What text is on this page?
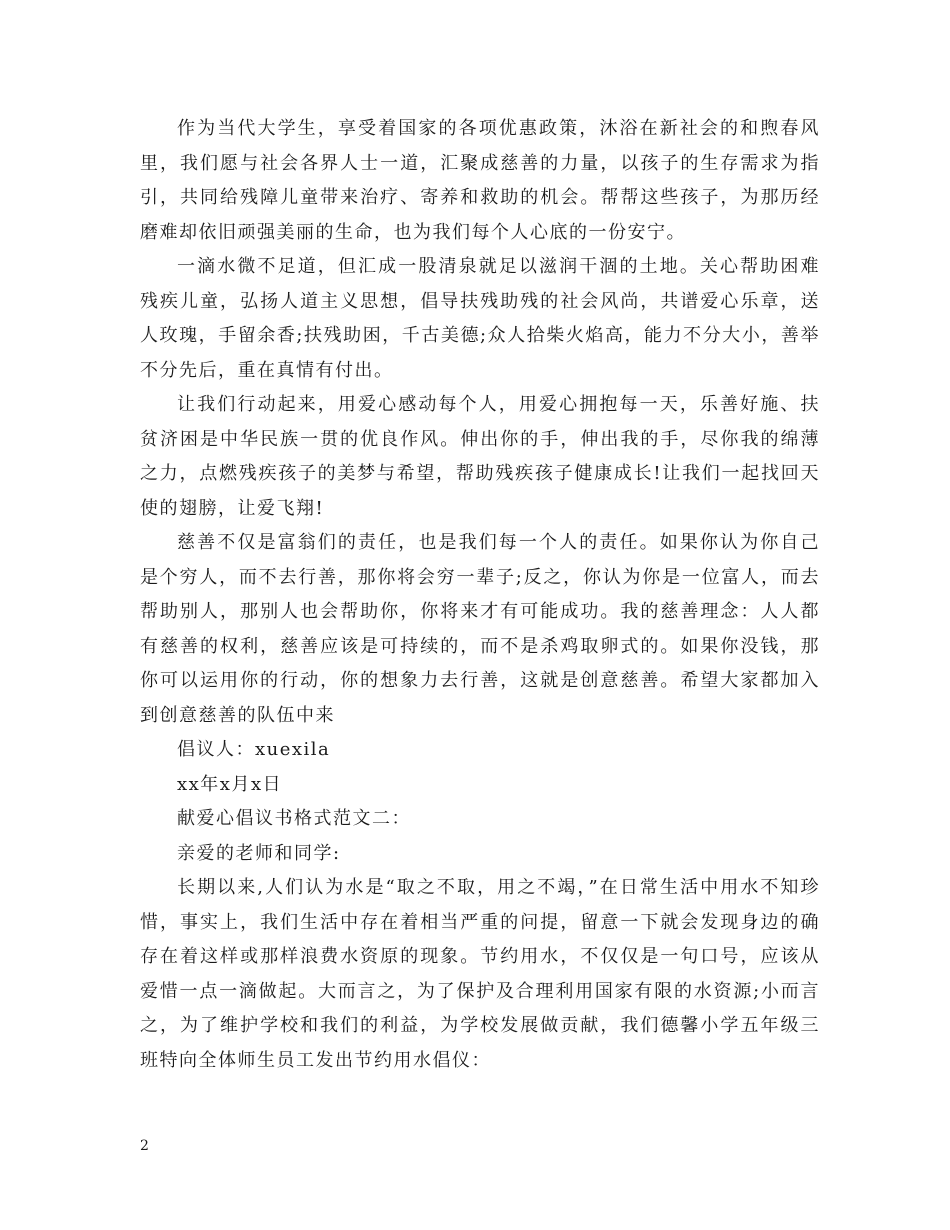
作为当代大学生，享受着国家的各项优惠政策，沐浴在新社会的和煦春风里，我们愿与社会各界人士一道，汇聚成慈善的力量，以孩子的生存需求为指引，共同给残障儿童带来治疗、寄养和救助的机会。帮帮这些孩子，为那历经磨难却依旧顽强美丽的生命，也为我们每个人心底的一份安宁。

一滴水微不足道，但汇成一股清泉就足以滋润干涸的土地。关心帮助困难残疾儿童，弘扬人道主义思想，倡导扶残助残的社会风尚，共谱爱心乐章，送人玫瑰，手留余香;扶残助困，千古美德;众人拾柴火焰高，能力不分大小，善举不分先后，重在真情有付出。

让我们行动起来，用爱心感动每个人，用爱心拥抱每一天，乐善好施、扶贫济困是中华民族一贯的优良作风。伸出你的手，伸出我的手，尽你我的绵薄之力，点燃残疾孩子的美梦与希望，帮助残疾孩子健康成长!让我们一起找回天使的翅膀，让爱飞翔!

慈善不仅是富翁们的责任，也是我们每一个人的责任。如果你认为你自己是个穷人，而不去行善，那你将会穷一辈子;反之，你认为你是一位富人，而去帮助别人，那别人也会帮助你，你将来才有可能成功。我的慈善理念：人人都有慈善的权利，慈善应该是可持续的，而不是杀鸡取卵式的。如果你没钱，那你可以运用你的行动，你的想象力去行善，这就是创意慈善。希望大家都加入到创意慈善的队伍中来

倡议人：xuexila

xx年x月x日

献爱心倡议书格式范文二：

亲爱的老师和同学:

长期以来,人们认为水是“取之不取，用之不竭，”在日常生活中用水不知珍惜，事实上，我们生活中存在着相当严重的问提，留意一下就会发现身边的确存在着这样或那样浪费水资原的现象。节约用水，不仅仅是一句口号，应该从爱惜一点一滴做起。大而言之，为了保护及合理利用国家有限的水资源;小而言之，为了维护学校和我们的利益，为学校发展做贡献，我们德馨小学五年级三班特向全体师生员工发出节约用水倡仪：

2
